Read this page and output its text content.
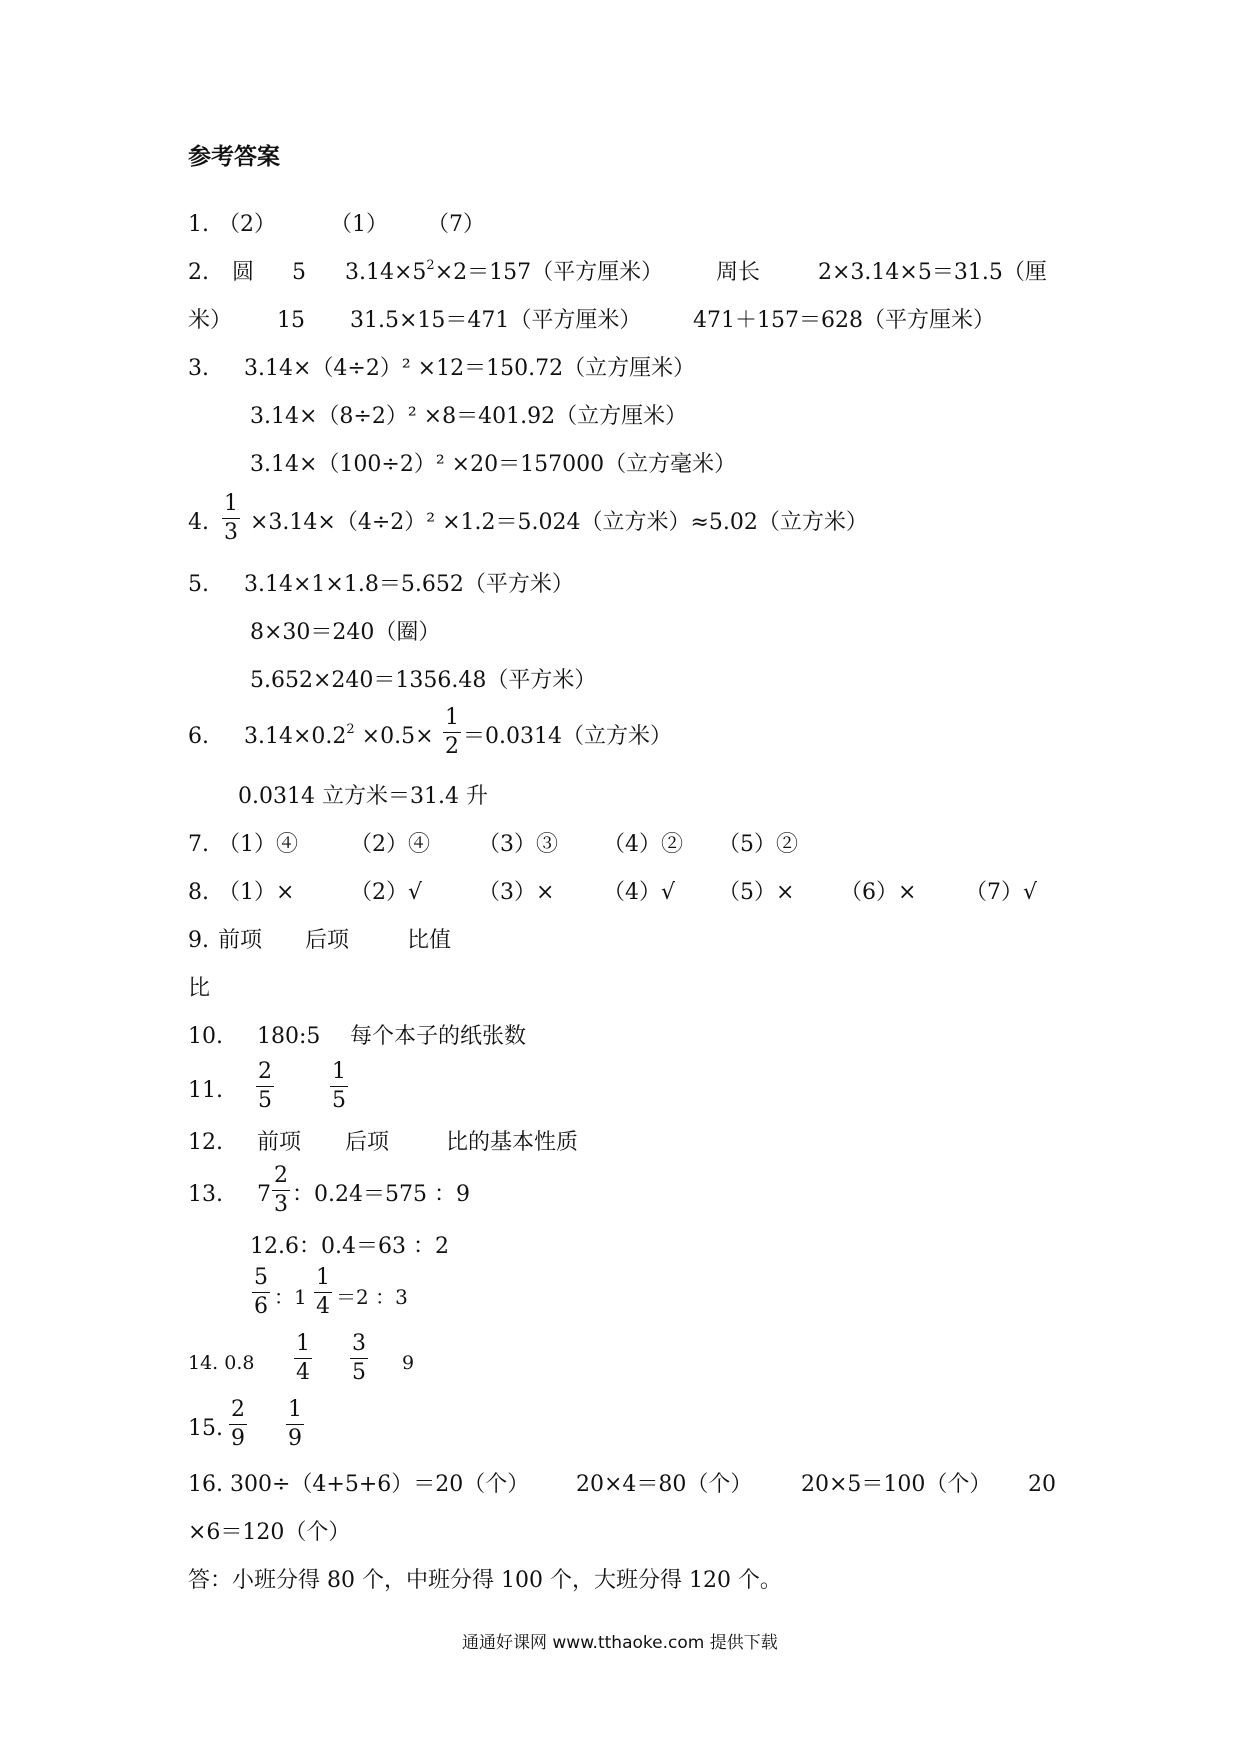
参考答案
1. （2） （1） （7）
2. 圆 5 $3.14\times 5^2\times 2=157$（平方厘米） 周长	2×3.14×5＝31.5（厘
米） 15 31.5×15＝471（平方厘米） 471＋157＝628（平方厘米）
3. 3.14×（4÷2）² ×12＝150.72（立方厘米）
3.14×（8÷2）² ×8＝401.92（立方厘米）
3.14×（100÷2）² ×20＝157000（立方毫米）
4. ×3.14×（4÷2）² ×1.2＝5.024（立方米）≈5.02（立方米）
1
3
5. 3.14×1×1.8＝5.652（平方米）
8×30＝240（圈）
5.652×240＝1356.48（平方米）
6. $3.14\times 0.2^2 \times 0.5\times =0.0314$（立方米）
1
2
0.0314 立方米＝31.4 升
7. （1）④ （2）④ （3）③ （4）② （5）②
8. （1）×	（2）√	（3）× （4）√ （5）× （6）× （7）√
9. 前项 后项	比值
比
10. 180:5 每个本子的纸张数
11.
2
5
1
5
12. 前项 后项	比的基本性质
13. 7 ：0.24＝575 ：9
2
3
12.6：0.4＝63 ：2
：1 ＝2 ：3
5
6
1
4
14. 0.8	9
1
4
3
5
15.
2
9
1
9
16. 300÷（4+5+6）＝20（个） 20×4＝80（个） 20×5＝100（个） 20
×6＝120（个）
答：小班分得 80 个，中班分得 100 个，大班分得 120 个。
通通好课网 www.tthaoke.com 提供下载
